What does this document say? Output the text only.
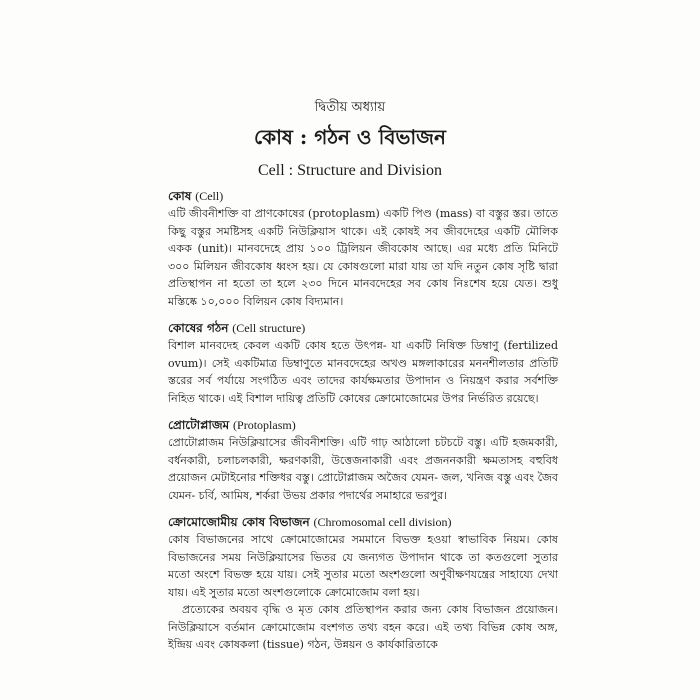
দ্বিতীয় অধ্যায়
কোষ : গঠন ও বিভাজন
Cell : Structure and Division
কোষ (Cell)
এটি জীবনীশক্তি বা প্রাণকোষের (protoplasm) একটি পিণ্ড (mass) বা বস্তুর স্তর। তাতে কিছু বস্তুর সমষ্টিসহ একটি নিউক্লিয়াস থাকে। এই কোষই সব জীবদেহের একটি মৌলিক একক (unit)। মানবদেহে প্রায় ১০০ ট্রিলিয়ন জীবকোষ আছে। এর মধ্যে প্রতি মিনিটে ৩০০ মিলিয়ন জীবকোষ ধ্বংস হয়। যে কোষগুলো মারা যায় তা যদি নতুন কোষ সৃষ্টি দ্বারা প্রতিস্থাপন না হতো তা হলে ২৩০ দিনে মানবদেহের সব কোষ নিঃশেষ হয়ে যেত। শুধু মস্তিষ্কে ১০,০০০ বিলিয়ন কোষ বিদ্যমান।
কোষের গঠন (Cell structure)
বিশাল মানবদেহ কেবল একটি কোষ হতে উৎপন্ন- যা একটি নিষিক্ত ডিম্বাণু (fertilized ovum)। সেই একটিমাত্র ডিম্বাণুতে মানবদেহের অখণ্ড মঙ্গলাকারের মননশীলতার প্রতিটি স্তরের সর্ব পর্যায়ে সংগঠিত এবং তাদের কার্যক্ষমতার উপাদান ও নিয়ন্ত্রণ করার সর্বশক্তি নিহিত থাকে। এই বিশাল দায়িত্ব প্রতিটি কোষের ক্রোমোজোমের উপর নির্ভরিত রয়েছে।
প্রোটোপ্লাজম (Protoplasm)
প্রোটোপ্লাজম নিউক্লিয়াসের জীবনীশক্তি। এটি গাঢ় আঠালো চটচটে বস্তু। এটি হজমকারী, বর্ধনকারী, চলাচলকারী, ক্ষরণকারী, উত্তেজনাকারী এবং প্রজননকারী ক্ষমতাসহ বহুবিধ প্রয়োজন মেটাইনোর শক্তিধর বস্তু। প্রোটোপ্লাজম অজৈব যেমন- জল, খনিজ বস্তু এবং জৈব যেমন- চর্বি, আমিষ, শর্করা উভয় প্রকার পদার্থের সমাহারে ভরপুর।
ক্রোমোজোমীয় কোষ বিভাজন (Chromosomal cell division)
কোষ বিভাজনের সাথে ক্রোমোজোমের সমমানে বিভক্ত হওয়া স্বাভাবিক নিয়ম। কোষ বিভাজনের সময় নিউক্লিয়াসের ভিতর যে জন্যগত উপাদান থাকে তা কতগুলো সুতার মতো অংশে বিভক্ত হয়ে যায়। সেই সুতার মতো অংশগুলো অণুবীক্ষণযন্ত্রের সাহায্যে দেখা যায়। এই সুতার মতো অংশগুলোকে ক্রোমোজোম বলা হয়।
প্রত্যেকের অবয়ব বৃদ্ধি ও মৃত কোষ প্রতিস্থাপন করার জন্য কোষ বিভাজন প্রয়োজন। নিউক্লিয়াসে বর্তমান ক্রোমোজোম বংশগত তথ্য বহন করে। এই তথ্য বিভিন্ন কোষ অঙ্গ, ইন্দ্রিয় এবং কোষকলা (tissue) গঠন, উন্নয়ন ও কার্যকারিতাকে
